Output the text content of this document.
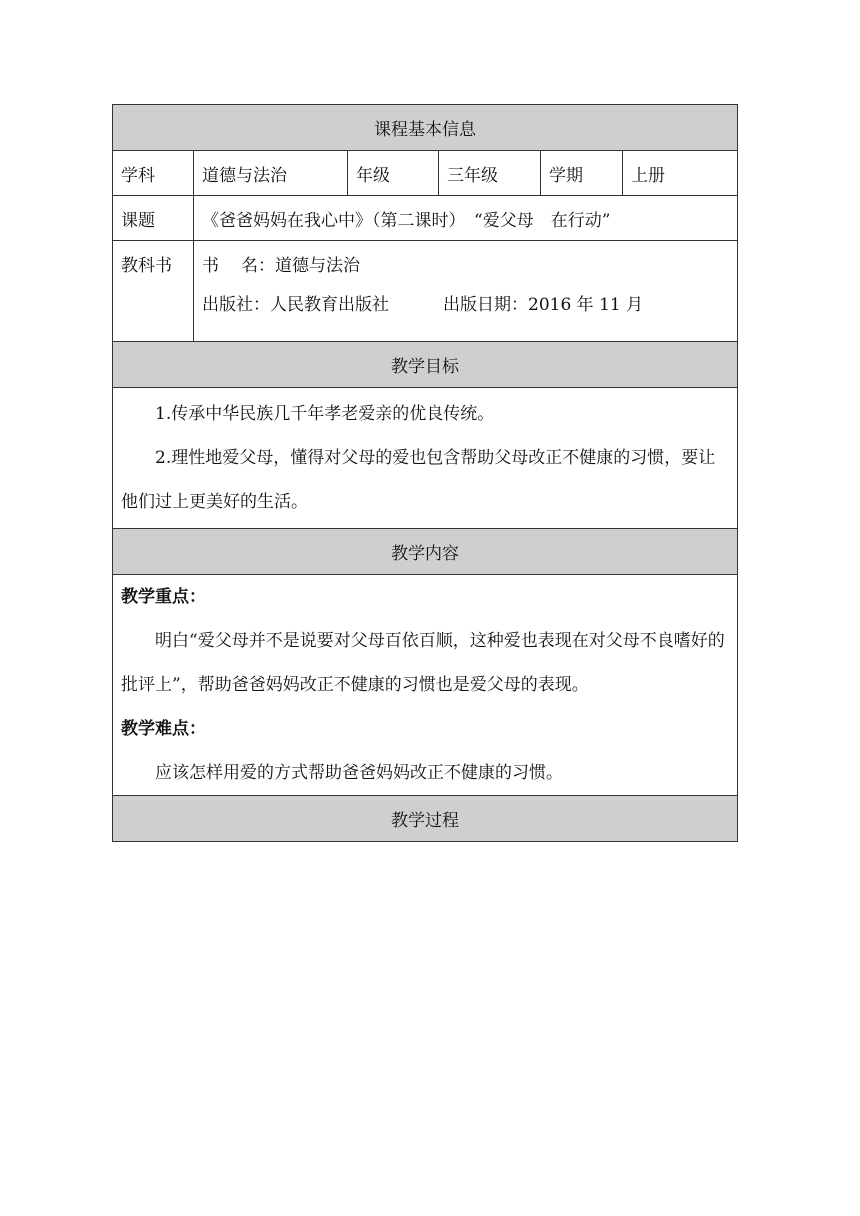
课程基本信息					
学科	道德与法治	年级	三年级	学期	上册
课题	《爸爸妈妈在我心中》（第二课时）　“爱父母　在行动”				
教科书	书 名：道德与法治
出版社：人民教育出版社 出版日期：2016 年 11 月				

教学目标					

1.传承中华民族几千年孝老爱亲的优良传统。

2.理性地爱父母，懂得对父母的爱也包含帮助父母改正不健康的习惯，要让他们过上更美好的生活。					

教学内容					

教学重点：

明白“爱父母并不是说要对父母百依百顺，这种爱也表现在对父母不良嗜好的批评上”，帮助爸爸妈妈改正不健康的习惯也是爱父母的表现。

教学难点：

应该怎样用爱的方式帮助爸爸妈妈改正不健康的习惯。					

教学过程					
